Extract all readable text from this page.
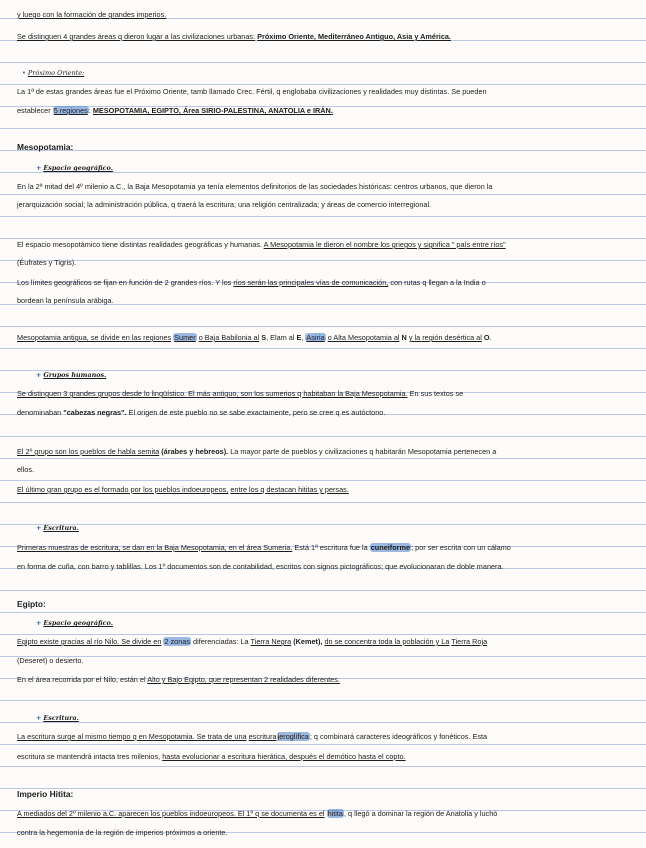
y luego con la formación de grandes imperios.
Se distinguen 4 grandes áreas q dieron lugar a las civilizaciones urbanas: Próximo Oriente, Mediterráneo Antiguo, Asia y América.
• Próximo Oriente:
La 1ª de estas grandes áreas fue el Próximo Oriente, tamb llamado Crec. Fértil, q englobaba civilizaciones y realidades muy distintas. Se pueden
establecer 5 regiones: MESOPOTAMIA, EGIPTO, Área SIRIO-PALESTINA, ANATOLIA e IRÁN.
Mesopotamia:
+ Espacio geográfico.
En la 2ª mitad del 4º milenio a.C., la Baja Mesopotamia ya tenía elementos definitorios de las sociedades históricas: centros urbanos, que dieron la
jerarquización social; la administración pública, q traerá la escritura; una religión centralizada; y áreas de comercio interregional.
El espacio mesopotámico tiene distintas realidades geográficas y humanas. A Mesopotamia le dieron el nombre los griegos y significa " país entre ríos"
(Éufrates y Tigris).
Los límites geográficos se fijan en función de 2 grandes ríos. Y los ríos serán las principales vías de comunicación, con rutas q llegan a la India o
bordean la península arábiga.
Mesopotamia antigua, se divide en las regiones Sumer o Baja Babilonia al S, Elam al E, Asiria o Alta Mesopotamia al N y la región desértica al O.
+ Grupos humanos.
Se distinguen 3 grandes grupos desde lo lingüístico. El más antiguo, son los sumerios q habitaban la Baja Mesopotamia. En sus textos se
denominaban "cabezas negras". El origen de este pueblo no se sabe exactamente, pero se cree q es autóctono.
El 2º grupo son los pueblos de habla semita (árabes y hebreos). La mayor parte de pueblos y civilizaciones q habitarán Mesopotamia pertenecen a
ellos.
El último gran grupo es el formado por los pueblos indoeuropeos, entre los q destacan hititas y persas.
+ Escritura.
Primeras muestras de escritura, se dan en la Baja Mesopotamia, en el área Sumeria. Está 1ª escritura fue la cuneiforme; por ser escrita con un cálamo
en forma de cuña, con barro y tablillas. Los 1º documentos son de contabilidad, escritos con signos pictográficos; que evolucionaran de doble manera.
Egipto:
+ Espacio geográfico.
Egipto existe gracias al río Nilo. Se divide en 2 zonas diferenciadas: La Tierra Negra (Kemet), dn se concentra toda la población y La Tierra Roja
(Deseret) o desierto.
En el área recorrida por el Nilo, están el Alto y Bajo Egipto, que representan 2 realidades diferentes.
+ Escritura.
La escritura surge al mismo tiempo q en Mesopotamia. Se trata de una escriturajeroglífica; q combinará caracteres ideográficos y fonéticos. Esta
escritura se mantendrá intacta tres milenios, hasta evolucionar a escritura hierática, después el demótico hasta el copto.
Imperio Hitita:
A mediados del 2º milenio a.C. aparecen los pueblos indoeuropeos. El 1º q se documenta es el hitita, q llegó a dominar la región de Anatolia y luchó
contra la hegemonía de la región de imperios próximos a oriente.
